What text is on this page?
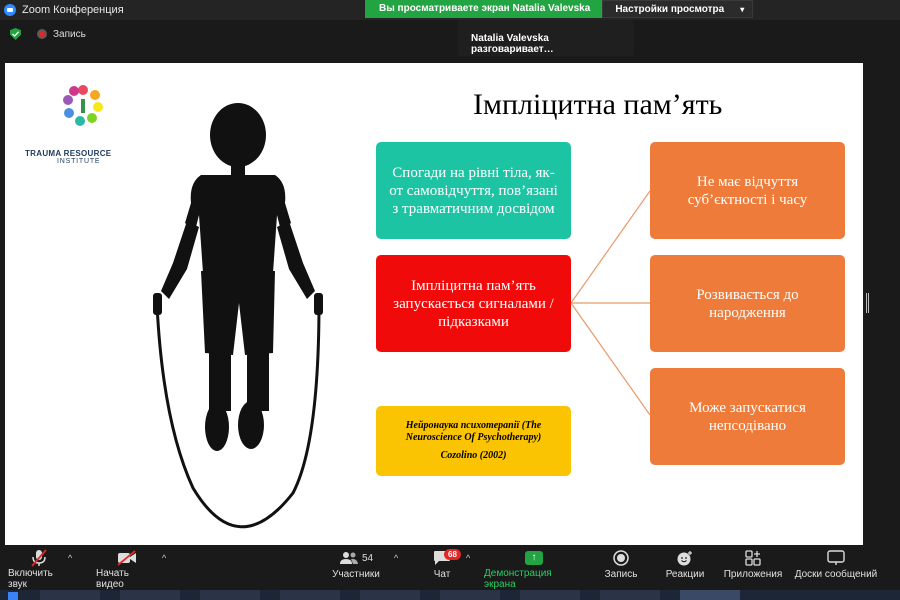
Zoom Конференция	Вы просматриваете экран Natalia Valevska	Настройки просмотра ▾
Запись	Natalia Valevska разговаривает…
TRAUMA RESOURCE
INSTITUTE
Імпліцитна пам’ять
Спогади на рівні тіла, як-от самовідчуття, пов’язані з травматичним досвідом
Імпліцитна пам’ять запускається сигналами / підказками
Нейронаука психотерапії (The
Neuroscience Of Psychotherapy)
Cozolino (2002)
Не має відчуття суб’єктності і часу
Розвивається до народження
Може запускатися непсодівано
Включить звук
^
Начать видео
^	54
Участники
^	68
Чат
^	↑
Демонстрация экрана
Запись	Реакции Приложения Доски сообщений
